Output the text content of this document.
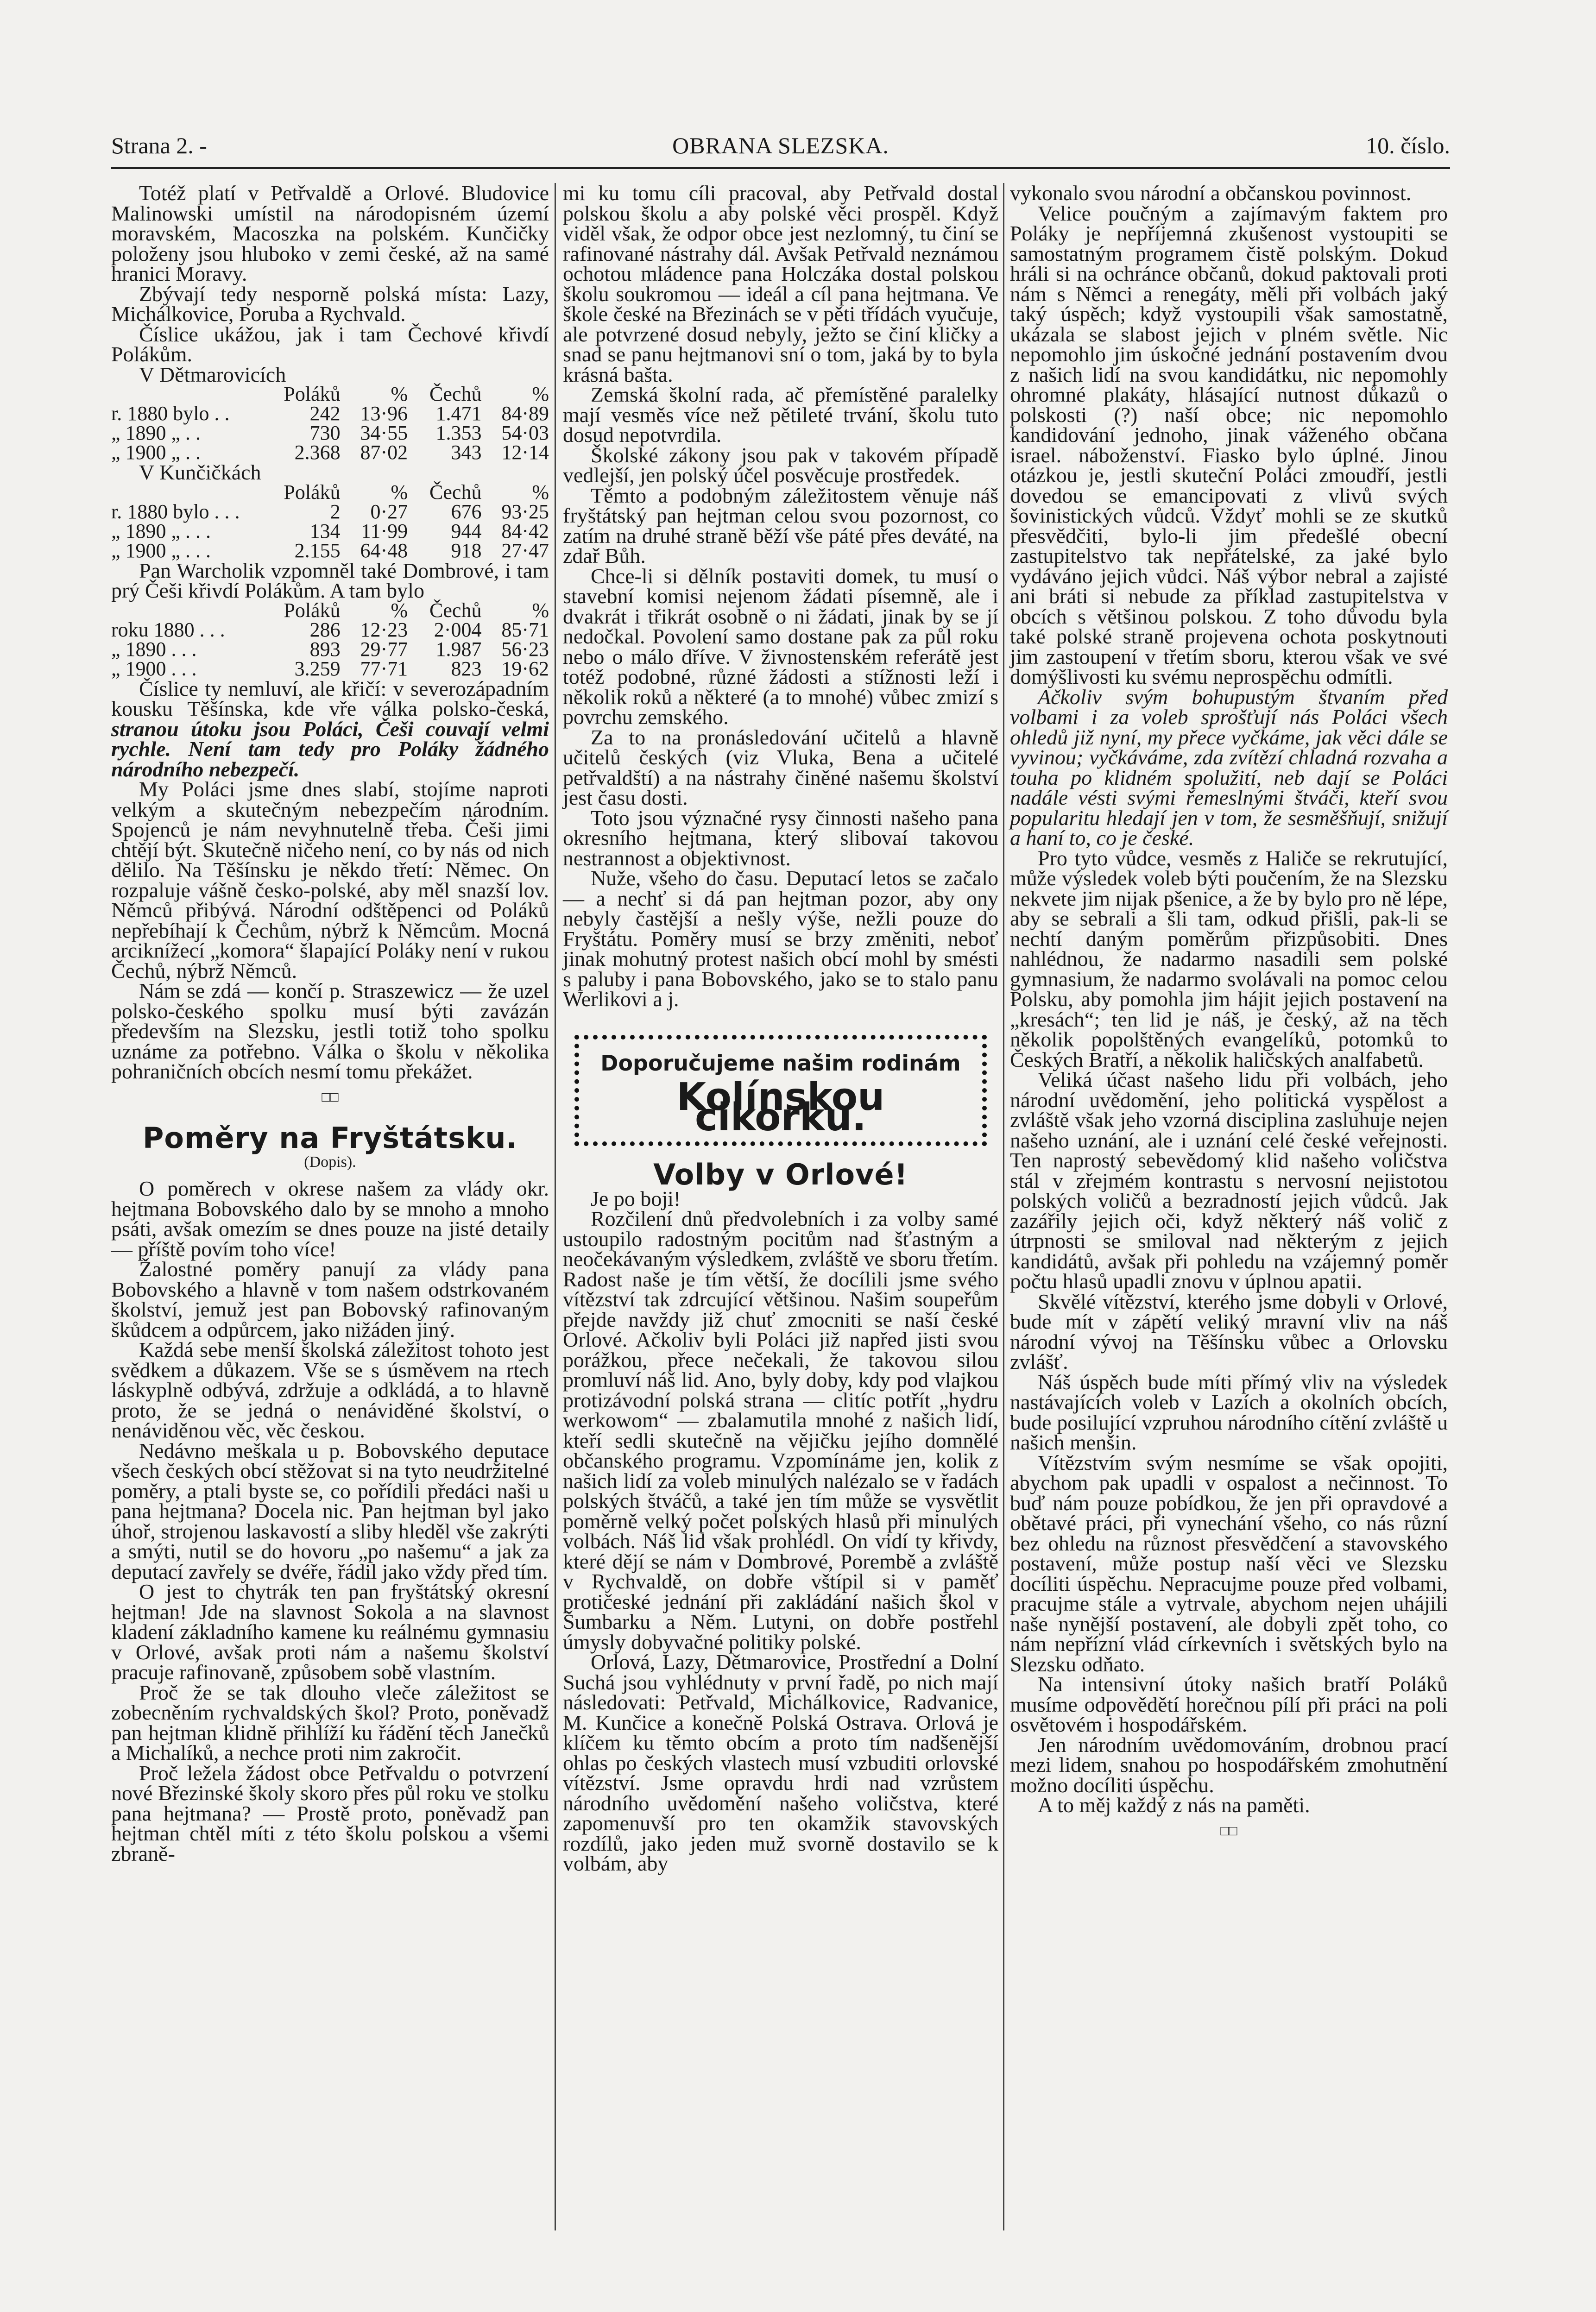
Strana 2. -	OBRANA SLEZSKA.	10. číslo.

Totéž platí v Petřvaldě a Orlové. Bludovice Malinowski umístil na národopisném území moravském, Macoszka na polském. Kunčičky položeny jsou hluboko v zemi české, až na samé hranici Moravy.

Zbývají tedy nesporně polská místa: Lazy, Michálkovice, Poruba a Rychvald.

Číslice ukážou, jak i tam Čechové křivdí Polákům.

V Dětmarovicích

	Poláků	%	Čechů	%
r. 1880 bylo . .	242	13·96	1.471	84·89
„ 1890 „ . .	730	34·55	1.353	54·03
„ 1900 „ . .	2.368	87·02	343	12·14

V Kunčičkách

	Poláků	%	Čechů	%
r. 1880 bylo . . .	2	0·27	676	93·25
„ 1890 „ . . .	134	11·99	944	84·42
„ 1900 „ . . .	2.155	64·48	918	27·47

Pan Warcholik vzpomněl také Dombrové, i tam prý Češi křivdí Polákům. A tam bylo

	Poláků	%	Čechů	%
roku 1880 . . .	286	12·23	2·004	85·71
„ 1890 . . .	893	29·77	1.987	56·23
„ 1900 . . .	3.259	77·71	823	19·62

Číslice ty nemluví, ale křičí: v severozápadním kousku Těšínska, kde vře válka polsko-česká, stranou útoku jsou Poláci, Češi couvají velmi rychle. Není tam tedy pro Poláky žádného národního nebezpečí.

My Poláci jsme dnes slabí, stojíme naproti velkým a skutečným nebezpečím národním. Spojenců je nám nevyhnutelně třeba. Češi jimi chtějí být. Skutečně ničeho není, co by nás od nich dělilo. Na Těšínsku je někdo třetí: Němec. On rozpaluje vášně česko-polské, aby měl snazší lov. Němců přibývá. Národní odštěpenci od Poláků nepřebíhají k Čechům, nýbrž k Němcům. Mocná arciknížecí „komora“ šlapající Poláky není v rukou Čechů, nýbrž Němců.

Nám se zdá — končí p. Straszewicz — že uzel polsko-českého spolku musí býti zavázán především na Slezsku, jestli totiž toho spolku uznáme za potřebno. Válka o školu v několika pohraničních obcích nesmí tomu překážet.

□□
Poměry na Fryštátsku.
(Dopis).

O poměrech v okrese našem za vlády okr. hejtmana Bobovského dalo by se mnoho a mnoho psáti, avšak omezím se dnes pouze na jisté detaily — příště povím toho více!

Žalostné poměry panují za vlády pana Bobovského a hlavně v tom našem odstrkovaném školství, jemuž jest pan Bobovský rafinovaným škůdcem a odpůrcem, jako nižáden jiný.

Každá sebe menší školská záležitost tohoto jest svědkem a důkazem. Vše se s úsměvem na rtech láskyplně odbývá, zdržuje a odkládá, a to hlavně proto, že se jedná o nenáviděné školství, o nenáviděnou věc, věc českou.

Nedávno meškala u p. Bobovského deputace všech českých obcí stěžovat si na tyto neudržitelné poměry, a ptali byste se, co pořídili předáci naši u pana hejtmana? Docela nic. Pan hejtman byl jako úhoř, strojenou laskavostí a sliby hleděl vše zakrýti a smýti, nutil se do hovoru „po našemu“ a jak za deputací zavřely se dvéře, řádil jako vždy před tím.

O jest to chytrák ten pan fryštátský okresní hejtman! Jde na slavnost Sokola a na slavnost kladení základního kamene ku reálnému gymnasiu v Orlové, avšak proti nám a našemu školství pracuje rafinovaně, způsobem sobě vlastním.

Proč že se tak dlouho vleče záležitost se zobecněním rychvaldských škol? Proto, poněvadž pan hejtman klidně přihlíží ku řádění těch Janečků a Michalíků, a nechce proti nim zakročit.

Proč ležela žádost obce Petřvaldu o potvrzení nové Březinské školy skoro přes půl roku ve stolku pana hejtmana? — Prostě proto, poněvadž pan hejtman chtěl míti z této školu polskou a všemi zbraně-

mi ku tomu cíli pracoval, aby Petřvald dostal polskou školu a aby polské věci prospěl. Když viděl však, že odpor obce jest nezlomný, tu činí se rafinované nástrahy dál. Avšak Petřvald neznámou ochotou mládence pana Holczáka dostal polskou školu soukromou — ideál a cíl pana hejtmana. Ve škole české na Březinách se v pěti třídách vyučuje, ale potvrzené dosud nebyly, ježto se činí kličky a snad se panu hejtmanovi sní o tom, jaká by to byla krásná bašta.

Zemská školní rada, ač přemístěné paralelky mají vesměs více než pětileté trvání, školu tuto dosud nepotvrdila.

Školské zákony jsou pak v takovém případě vedlejší, jen polský účel posvěcuje prostředek.

Těmto a podobným záležitostem věnuje náš fryštátský pan hejtman celou svou pozornost, co zatím na druhé straně běží vše páté přes deváté, na zdař Bůh.

Chce-li si dělník postaviti domek, tu musí o stavební komisi nejenom žádati písemně, ale i dvakrát i třikrát osobně o ni žádati, jinak by se jí nedočkal. Povolení samo dostane pak za půl roku nebo o málo dříve. V živnostenském referátě jest totéž podobné, různé žádosti a stížnosti leží i několik roků a některé (a to mnohé) vůbec zmizí s povrchu zemského.

Za to na pronásledování učitelů a hlavně učitelů českých (viz Vluka, Bena a učitelé petřvaldští) a na nástrahy činěné našemu školství jest času dosti.

Toto jsou význačné rysy činnosti našeho pana okresního hejtmana, který slibovaí takovou nestrannost a objektivnost.

Nuže, všeho do času. Deputací letos se začalo — a nechť si dá pan hejtman pozor, aby ony nebyly častější a nešly výše, nežli pouze do Fryštátu. Poměry musí se brzy změniti, neboť jinak mohutný protest našich obcí mohl by smésti s paluby i pana Bobovského, jako se to stalo panu Werlikovi a j.

Doporučujeme našim rodinám
Kolínskou cikorku.
Volby v Orlové!

Je po boji!

Rozčilení dnů předvolebních i za volby samé ustoupilo radostným pocitům nad šťastným a neočekávaným výsledkem, zvláště ve sboru třetím. Radost naše je tím větší, že docílili jsme svého vítězství tak zdrcující většinou. Našim soupeřům přejde navždy již chuť zmocniti se naší české Orlové. Ačkoliv byli Poláci již napřed jisti svou porážkou, přece nečekali, že takovou silou promluví náš lid. Ano, byly doby, kdy pod vlajkou protizávodní polská strana — clitíc potřít „hydru werkowom“ — zbalamutila mnohé z našich lidí, kteří sedli skutečně na vějičku jejího domnělé občanského programu. Vzpomínáme jen, kolik z našich lidí za voleb minulých nalézalo se v řadách polských štváčů, a také jen tím může se vysvětlit poměrně velký počet polských hlasů při minulých volbách. Náš lid však prohlédl. On vidí ty křivdy, které dějí se nám v Dombrové, Porembě a zvláště v Rychvaldě, on dobře vštípil si v paměť protičeské jednání při zakládání našich škol v Šumbarku a Něm. Lutyni, on dobře postřehl úmysly dobyvačné politiky polské.

Orlová, Lazy, Dětmarovice, Prostřední a Dolní Suchá jsou vyhlédnuty v první řadě, po nich mají následovati: Petřvald, Michálkovice, Radvanice, M. Kunčice a konečně Polská Ostrava. Orlová je klíčem ku těmto obcím a proto tím nadšenější ohlas po českých vlastech musí vzbuditi orlovské vítězství. Jsme opravdu hrdi nad vzrůstem národního uvědomění našeho voličstva, které zapomenuvší pro ten okamžik stavovských rozdílů, jako jeden muž svorně dostavilo se k volbám, aby

vykonalo svou národní a občanskou povinnost.

Velice poučným a zajímavým faktem pro Poláky je nepříjemná zkušenost vystoupiti se samostatným programem čistě polským. Dokud hráli si na ochránce občanů, dokud paktovali proti nám s Němci a renegáty, měli při volbách jaký taký úspěch; když vystoupili však samostatně, ukázala se slabost jejich v plném světle. Nic nepomohlo jim úskočné jednání postavením dvou z našich lidí na svou kandidátku, nic nepomohly ohromné plakáty, hlásající nutnost důkazů o polskosti (?) naší obce; nic nepomohlo kandidování jednoho, jinak váženého občana israel. náboženství. Fiasko bylo úplné. Jinou otázkou je, jestli skuteční Poláci zmoudří, jestli dovedou se emancipovati z vlivů svých šovinistických vůdců. Vždyť mohli se ze skutků přesvědčiti, bylo-li jim předešlé obecní zastupitelstvo tak nepřátelské, za jaké bylo vydáváno jejich vůdci. Náš výbor nebral a zajisté ani bráti si nebude za příklad zastupitelstva v obcích s většinou polskou. Z toho důvodu byla také polské straně projevena ochota poskytnouti jim zastoupení v třetím sboru, kterou však ve své domýšlivosti ku svému neprospěchu odmítli.

Ačkoliv svým bohupustým štvaním před volbami i za voleb sprošťují nás Poláci všech ohledů již nyní, my přece vyčkáme, jak věci dále se vyvinou; vyčkáváme, zda zvítězí chladná rozvaha a touha po klidném spolužití, neb dají se Poláci nadále vésti svými řemeslnými štváči, kteří svou popularitu hledají jen v tom, že sesměšňují, snižují a haní to, co je české.

Pro tyto vůdce, vesměs z Haliče se rekrutující, může výsledek voleb býti poučením, že na Slezsku nekvete jim nijak pšenice, a že by bylo pro ně lépe, aby se sebrali a šli tam, odkud přišli, pak-li se nechtí daným poměrům přizpůsobiti. Dnes nahlédnou, že nadarmo nasadili sem polské gymnasium, že nadarmo svolávali na pomoc celou Polsku, aby pomohla jim hájit jejich postavení na „kresách“; ten lid je náš, je český, až na těch několik popolštěných evangelíků, potomků to Českých Bratří, a několik haličských analfabetů.

Veliká účast našeho lidu při volbách, jeho národní uvědomění, jeho politická vyspělost a zvláště však jeho vzorná disciplina zasluhuje nejen našeho uznání, ale i uznání celé české veřejnosti. Ten naprostý sebevědomý klid našeho voličstva stál v zřejmém kontrastu s nervosní nejistotou polských voličů a bezradností jejich vůdců. Jak zazářily jejich oči, když některý náš volič z útrpnosti se smiloval nad některým z jejich kandidátů, avšak při pohledu na vzájemný poměr počtu hlasů upadli znovu v úplnou apatii.

Skvělé vítězství, kterého jsme dobyli v Orlové, bude mít v zápětí veliký mravní vliv na náš národní vývoj na Těšínsku vůbec a Orlovsku zvlášť.

Náš úspěch bude míti přímý vliv na výsledek nastávajících voleb v Lazích a okolních obcích, bude posilující vzpruhou národního cítění zvláště u našich menšin.

Vítězstvím svým nesmíme se však opojiti, abychom pak upadli v ospalost a nečinnost. To buď nám pouze pobídkou, že jen při opravdové a obětavé práci, při vynechání všeho, co nás různí bez ohledu na různost přesvědčení a stavovského postavení, může postup naší věci ve Slezsku docíliti úspěchu. Nepracujme pouze před volbami, pracujme stále a vytrvale, abychom nejen uhájili naše nynější postavení, ale dobyli zpět toho, co nám nepřízní vlád církevních i světských bylo na Slezsku odňato.

Na intensivní útoky našich bratří Poláků musíme odpovědětí horečnou pílí při práci na poli osvětovém i hospodářském.

Jen národním uvědomováním, drobnou prací mezi lidem, snahou po hospodářském zmohutnění možno docíliti úspěchu.

A to měj každý z nás na paměti.

□□
